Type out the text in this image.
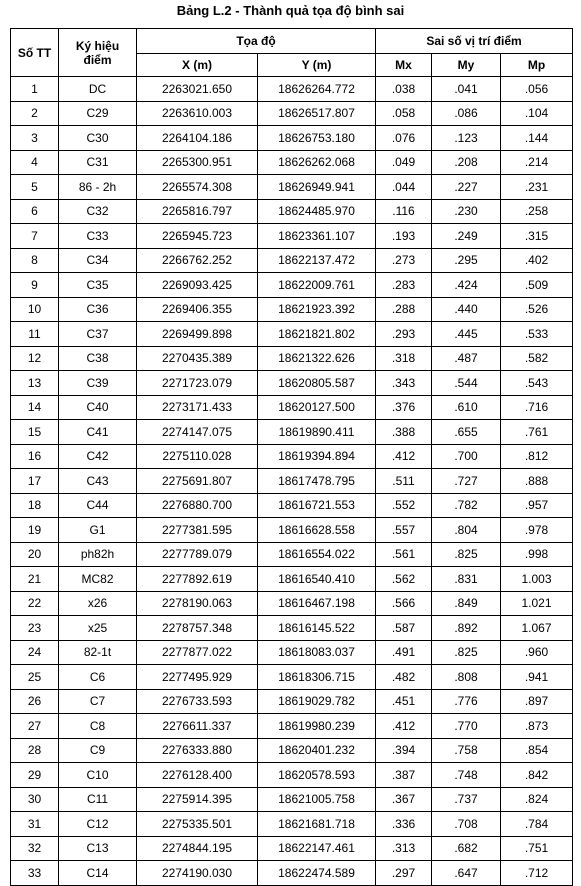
Bảng L.2 - Thành quả tọa độ bình sai
Số TT	Ký hiệu điểm	Tọa độ		Sai số vị trí điểm		
		X (m)	Y (m)	Mx	My	Mp
1	DC	2263021.650	18626264.772	.038	.041	.056
2	C29	2263610.003	18626517.807	.058	.086	.104
3	C30	2264104.186	18626753.180	.076	.123	.144
4	C31	2265300.951	18626262.068	.049	.208	.214
5	86 - 2h	2265574.308	18626949.941	.044	.227	.231
6	C32	2265816.797	18624485.970	.116	.230	.258
7	C33	2265945.723	18623361.107	.193	.249	.315
8	C34	2266762.252	18622137.472	.273	.295	.402
9	C35	2269093.425	18622009.761	.283	.424	.509
10	C36	2269406.355	18621923.392	.288	.440	.526
11	C37	2269499.898	18621821.802	.293	.445	.533
12	C38	2270435.389	18621322.626	.318	.487	.582
13	C39	2271723.079	18620805.587	.343	.544	.543
14	C40	2273171.433	18620127.500	.376	.610	.716
15	C41	2274147.075	18619890.411	.388	.655	.761
16	C42	2275110.028	18619394.894	.412	.700	.812
17	C43	2275691.807	18617478.795	.511	.727	.888
18	C44	2276880.700	18616721.553	.552	.782	.957
19	G1	2277381.595	18616628.558	.557	.804	.978
20	ph82h	2277789.079	18616554.022	.561	.825	.998
21	MC82	2277892.619	18616540.410	.562	.831	1.003
22	x26	2278190.063	18616467.198	.566	.849	1.021
23	x25	2278757.348	18616145.522	.587	.892	1.067
24	82-1t	2277877.022	18618083.037	.491	.825	.960
25	C6	2277495.929	18618306.715	.482	.808	.941
26	C7	2276733.593	18619029.782	.451	.776	.897
27	C8	2276611.337	18619980.239	.412	.770	.873
28	C9	2276333.880	18620401.232	.394	.758	.854
29	C10	2276128.400	18620578.593	.387	.748	.842
30	C11	2275914.395	18621005.758	.367	.737	.824
31	C12	2275335.501	18621681.718	.336	.708	.784
32	C13	2274844.195	18622147.461	.313	.682	.751
33	C14	2274190.030	18622474.589	.297	.647	.712
